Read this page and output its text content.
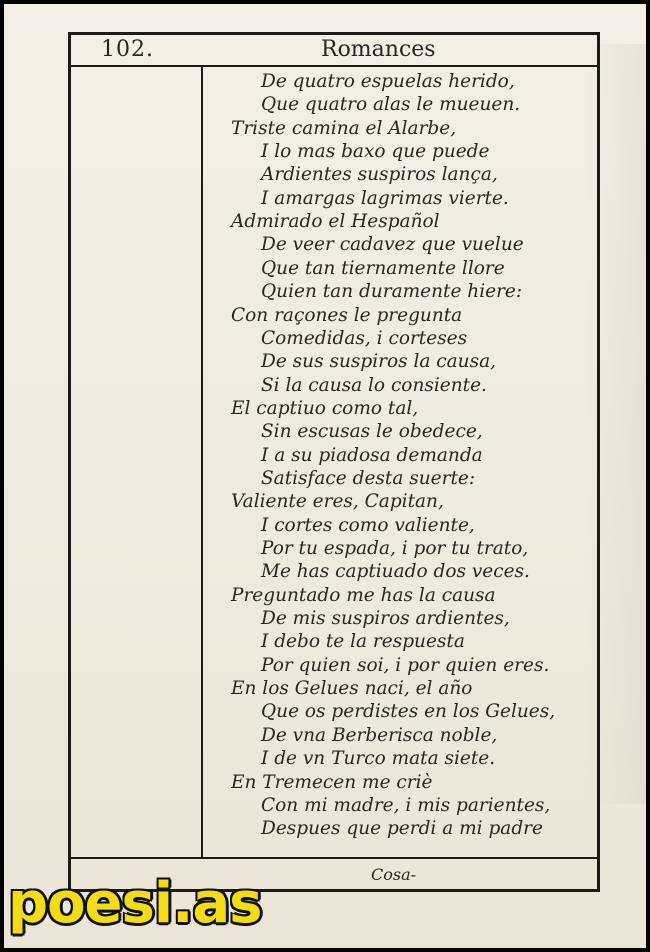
102.	Romances
De quatro espuelas herido,
Que quatro alas le mueuen.
Triste camina el Alarbe,
I lo mas baxo que puede
Ardientes suspiros lança,
I amargas lagrimas vierte.
Admirado el Hespañol
De veer cadavez que vuelue
Que tan tiernamente llore
Quien tan duramente hiere:
Con raçones le pregunta
Comedidas, i corteses
De sus suspiros la causa,
Si la causa lo consiente.
El captiuo como tal,
Sin escusas le obedece,
I a su piadosa demanda
Satisface desta suerte:
Valiente eres, Capitan,
I cortes como valiente,
Por tu espada, i por tu trato,
Me has captiuado dos veces.
Preguntado me has la causa
De mis suspiros ardientes,
I debo te la respuesta
Por quien soi, i por quien eres.
En los Gelues naci, el año
Que os perdistes en los Gelues,
De vna Berberisca noble,
I de vn Turco mata siete.
En Tremecen me criè
Con mi madre, i mis parientes,
Despues que perdi a mi padre
Cosa-
poesi.as
